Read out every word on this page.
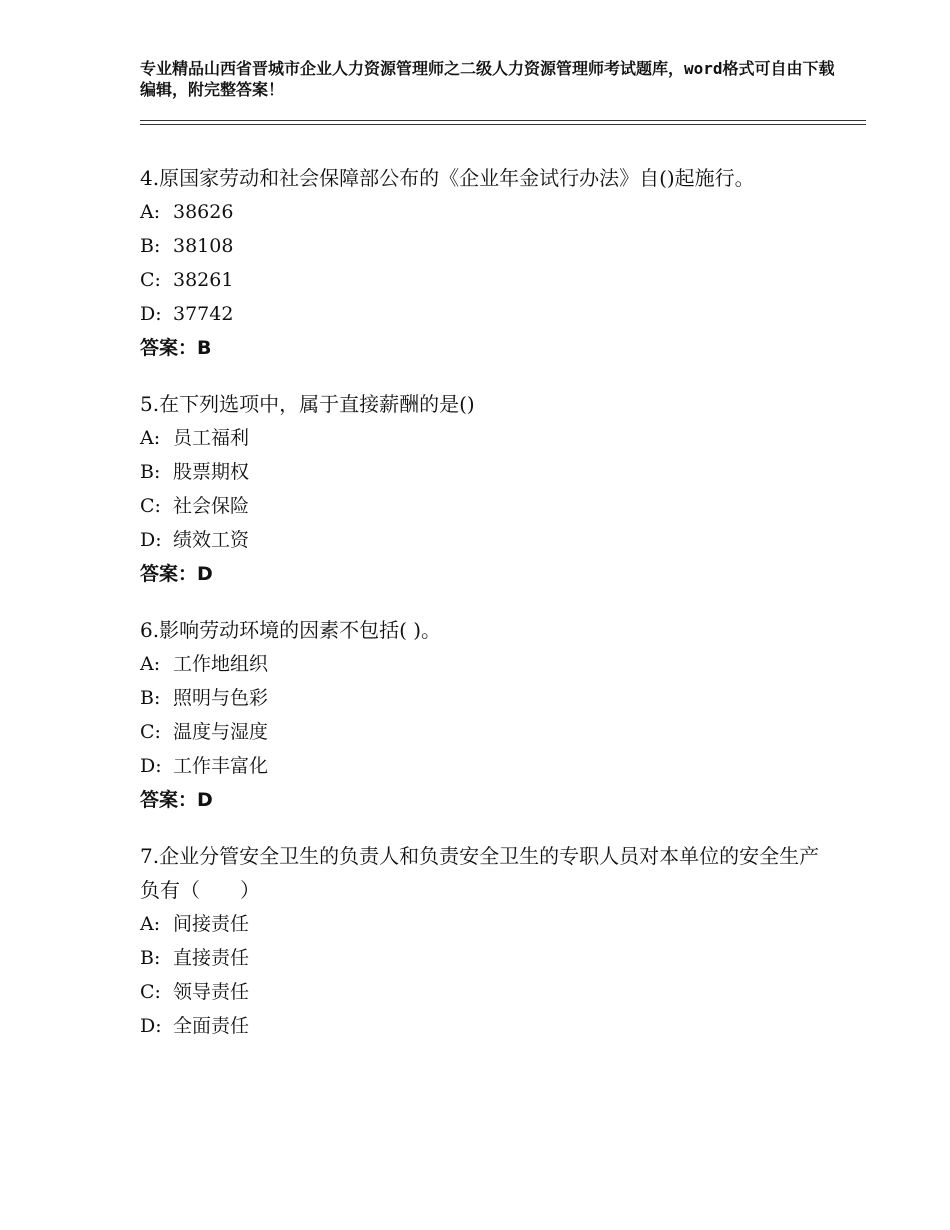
专业精品山西省晋城市企业人力资源管理师之二级人力资源管理师考试题库，word格式可自由下载编辑，附完整答案！
4.原国家劳动和社会保障部公布的《企业年金试行办法》自()起施行。
A: 38626
B: 38108
C: 38261
D: 37742
答案：B
5.在下列选项中，属于直接薪酬的是()
A: 员工福利
B: 股票期权
C: 社会保险
D: 绩效工资
答案：D
6.影响劳动环境的因素不包括( )。
A: 工作地组织
B: 照明与色彩
C: 温度与湿度
D: 工作丰富化
答案：D
7.企业分管安全卫生的负责人和负责安全卫生的专职人员对本单位的安全生产负有（　　）
A: 间接责任
B: 直接责任
C: 领导责任
D: 全面责任
